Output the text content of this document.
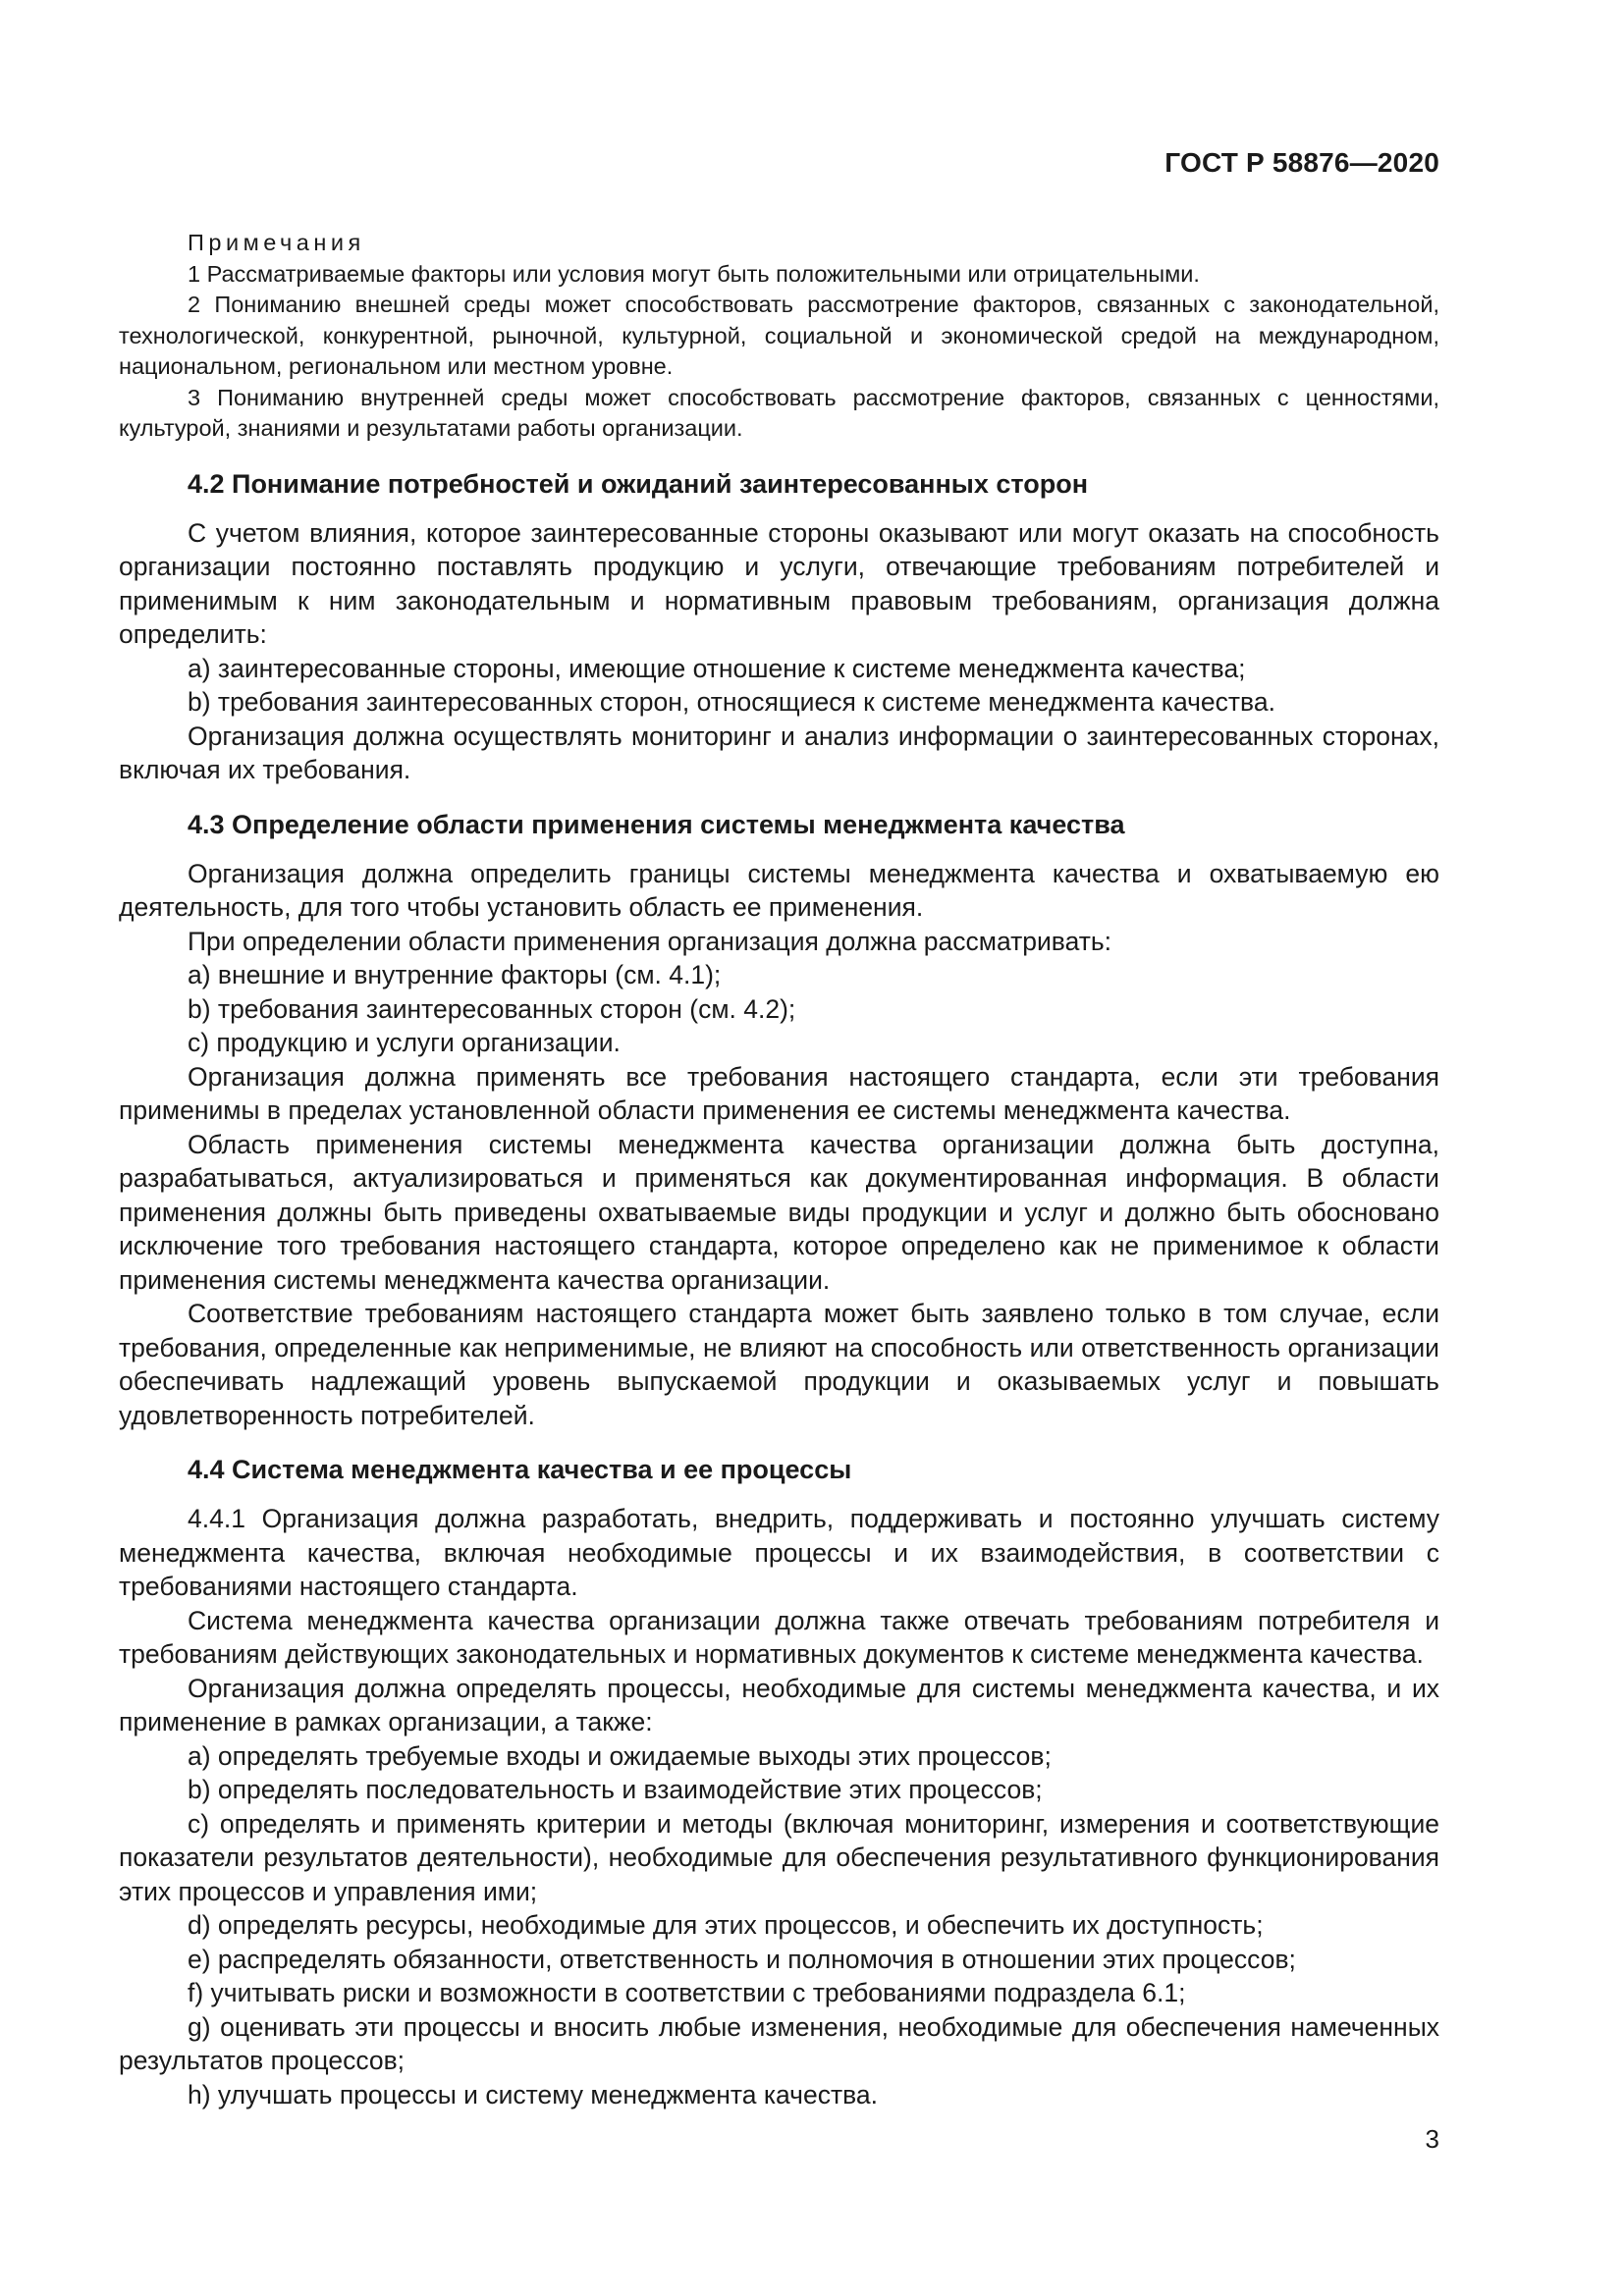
ГОСТ Р 58876—2020

Примечания

1 Рассматриваемые факторы или условия могут быть положительными или отрицательными.

2 Пониманию внешней среды может способствовать рассмотрение факторов, связанных с законодательной, технологической, конкурентной, рыночной, культурной, социальной и экономической средой на международном, национальном, региональном или местном уровне.

3 Пониманию внутренней среды может способствовать рассмотрение факторов, связанных с ценностями, культурой, знаниями и результатами работы организации.

4.2 Понимание потребностей и ожиданий заинтересованных сторон

С учетом влияния, которое заинтересованные стороны оказывают или могут оказать на способность организации постоянно поставлять продукцию и услуги, отвечающие требованиям потребителей и применимым к ним законодательным и нормативным правовым требованиям, организация должна определить:

a) заинтересованные стороны, имеющие отношение к системе менеджмента качества;

b) требования заинтересованных сторон, относящиеся к системе менеджмента качества.

Организация должна осуществлять мониторинг и анализ информации о заинтересованных сторонах, включая их требования.

4.3 Определение области применения системы менеджмента качества

Организация должна определить границы системы менеджмента качества и охватываемую ею деятельность, для того чтобы установить область ее применения.

При определении области применения организация должна рассматривать:

a) внешние и внутренние факторы (см. 4.1);

b) требования заинтересованных сторон (см. 4.2);

c) продукцию и услуги организации.

Организация должна применять все требования настоящего стандарта, если эти требования применимы в пределах установленной области применения ее системы менеджмента качества.

Область применения системы менеджмента качества организации должна быть доступна, разрабатываться, актуализироваться и применяться как документированная информация. В области применения должны быть приведены охватываемые виды продукции и услуг и должно быть обосновано исключение того требования настоящего стандарта, которое определено как не применимое к области применения системы менеджмента качества организации.

Соответствие требованиям настоящего стандарта может быть заявлено только в том случае, если требования, определенные как неприменимые, не влияют на способность или ответственность организации обеспечивать надлежащий уровень выпускаемой продукции и оказываемых услуг и повышать удовлетворенность потребителей.

4.4 Система менеджмента качества и ее процессы

4.4.1 Организация должна разработать, внедрить, поддерживать и постоянно улучшать систему менеджмента качества, включая необходимые процессы и их взаимодействия, в соответствии с требованиями настоящего стандарта.

Система менеджмента качества организации должна также отвечать требованиям потребителя и требованиям действующих законодательных и нормативных документов к системе менеджмента качества.

Организация должна определять процессы, необходимые для системы менеджмента качества, и их применение в рамках организации, а также:

a) определять требуемые входы и ожидаемые выходы этих процессов;

b) определять последовательность и взаимодействие этих процессов;

c) определять и применять критерии и методы (включая мониторинг, измерения и соответствующие показатели результатов деятельности), необходимые для обеспечения результативного функционирования этих процессов и управления ими;

d) определять ресурсы, необходимые для этих процессов, и обеспечить их доступность;

e) распределять обязанности, ответственность и полномочия в отношении этих процессов;

f) учитывать риски и возможности в соответствии с требованиями подраздела 6.1;

g) оценивать эти процессы и вносить любые изменения, необходимые для обеспечения намеченных результатов процессов;

h) улучшать процессы и систему менеджмента качества.

3
